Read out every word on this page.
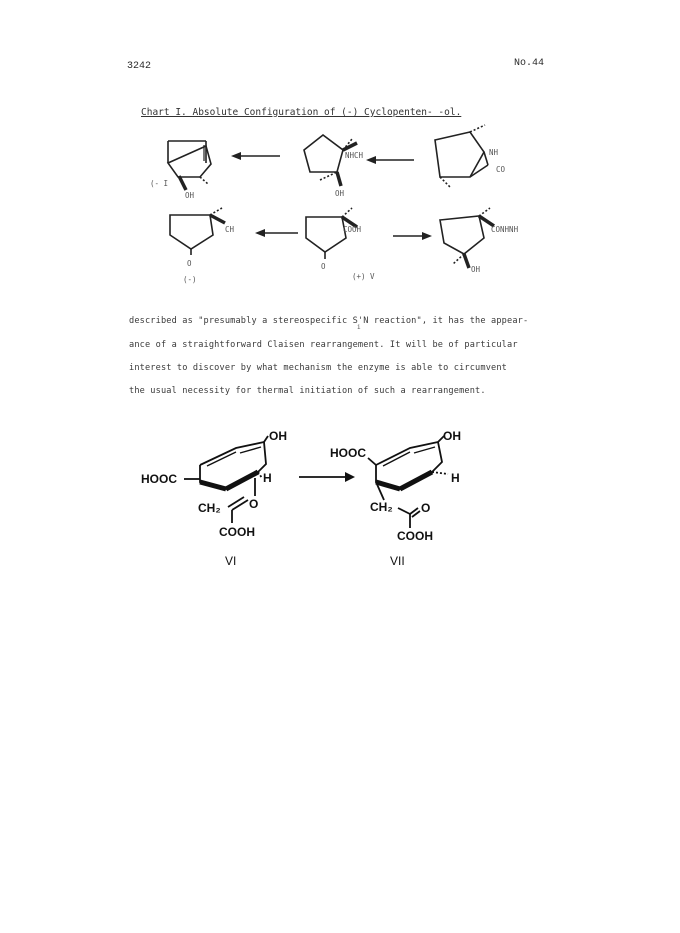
3242	No.44
Chart I. Absolute Configuration of (-) Cyclopenten- -ol.
(- I
OH
NHCH
OH
NH
CO
CH
O
(-)
COOH
O
(+) V
CONHNH
OH
described as "presumably a stereospecific S'N reaction", it has the appear-
ance of a straightforward Claisen rearrangement. It will be of particular
interest to discover by what mechanism the enzyme is able to circumvent
the usual necessity for thermal initiation of such a rearrangement.
i
OH
HOOC	H
O
CH₂
COOH
VI
HOOC
OH
H
CH₂ O
COOH
VII
